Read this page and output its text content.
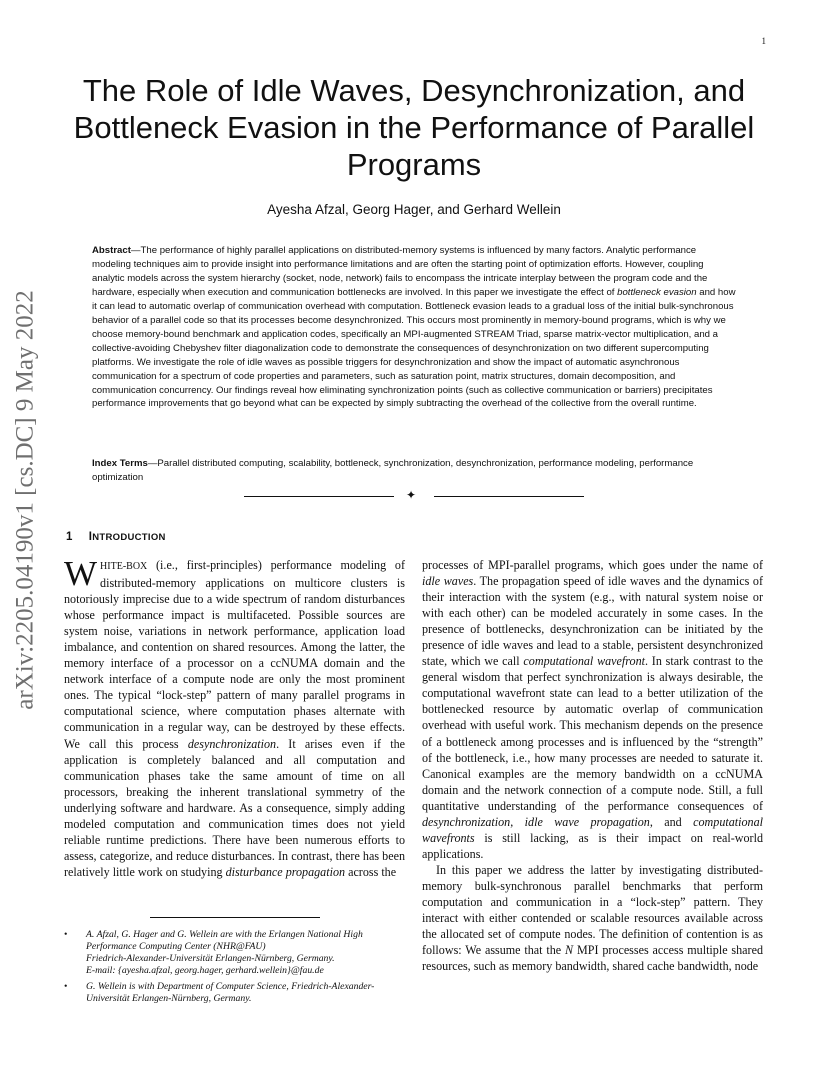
1
arXiv:2205.04190v1 [cs.DC] 9 May 2022
The Role of Idle Waves, Desynchronization, and Bottleneck Evasion in the Performance of Parallel Programs
Ayesha Afzal, Georg Hager, and Gerhard Wellein
Abstract—The performance of highly parallel applications on distributed-memory systems is influenced by many factors. Analytic performance modeling techniques aim to provide insight into performance limitations and are often the starting point of optimization efforts. However, coupling analytic models across the system hierarchy (socket, node, network) fails to encompass the intricate interplay between the program code and the hardware, especially when execution and communication bottlenecks are involved. In this paper we investigate the effect of bottleneck evasion and how it can lead to automatic overlap of communication overhead with computation. Bottleneck evasion leads to a gradual loss of the initial bulk-synchronous behavior of a parallel code so that its processes become desynchronized. This occurs most prominently in memory-bound programs, which is why we choose memory-bound benchmark and application codes, specifically an MPI-augmented STREAM Triad, sparse matrix-vector multiplication, and a collective-avoiding Chebyshev filter diagonalization code to demonstrate the consequences of desynchronization on two different supercomputing platforms. We investigate the role of idle waves as possible triggers for desynchronization and show the impact of automatic asynchronous communication for a spectrum of code properties and parameters, such as saturation point, matrix structures, domain decomposition, and communication concurrency. Our findings reveal how eliminating synchronization points (such as collective communication or barriers) precipitates performance improvements that go beyond what can be expected by simply subtracting the overhead of the collective from the overall runtime.
Index Terms—Parallel distributed computing, scalability, bottleneck, synchronization, desynchronization, performance modeling, performance optimization
✦
1 INTRODUCTION

WHITE-BOX (i.e., first-principles) performance modeling of distributed-memory applications on multicore clusters is notoriously imprecise due to a wide spectrum of random disturbances whose performance impact is multifaceted. Possible sources are system noise, variations in network performance, application load imbalance, and contention on shared resources. Among the latter, the memory interface of a processor on a ccNUMA domain and the network interface of a compute node are only the most prominent ones. The typical “lock-step” pattern of many parallel programs in computational science, where computation phases alternate with communication in a regular way, can be destroyed by these effects. We call this process desynchronization. It arises even if the application is completely balanced and all computation and communication phases take the same amount of time on all processors, breaking the inherent translational symmetry of the underlying software and hardware. As a consequence, simply adding modeled computation and communication times does not yield reliable runtime predictions. There have been numerous efforts to assess, categorize, and reduce disturbances. In contrast, there has been relatively little work on studying disturbance propagation across the

processes of MPI-parallel programs, which goes under the name of idle waves. The propagation speed of idle waves and the dynamics of their interaction with the system (e.g., with natural system noise or with each other) can be modeled accurately in some cases. In the presence of bottlenecks, desynchronization can be initiated by the presence of idle waves and lead to a stable, persistent desynchronized state, which we call computational wavefront. In stark contrast to the general wisdom that perfect synchronization is always desirable, the computational wavefront state can lead to a better utilization of the bottlenecked resource by automatic overlap of communication overhead with useful work. This mechanism depends on the presence of a bottleneck among processes and is influenced by the “strength” of the bottleneck, i.e., how many processes are needed to saturate it. Canonical examples are the memory bandwidth on a ccNUMA domain and the network connection of a compute node. Still, a full quantitative understanding of the performance consequences of desynchronization, idle wave propagation, and computational wavefronts is still lacking, as is their impact on real-world applications.

In this paper we address the latter by investigating distributed-memory bulk-synchronous parallel benchmarks that perform computation and communication in a “lock-step” pattern. They interact with either contended or scalable resources available across the allocated set of compute nodes. The definition of contention is as follows: We assume that the N MPI processes access multiple shared resources, such as memory bandwidth, shared cache bandwidth, node

• A. Afzal, G. Hager and G. Wellein are with the Erlangen National High Performance Computing Center (NHR@FAU)
Friedrich-Alexander-Universität Erlangen-Nürnberg, Germany.
E-mail: {ayesha.afzal, georg.hager, gerhard.wellein}@fau.de
• G. Wellein is with Department of Computer Science, Friedrich-Alexander-Universität Erlangen-Nürnberg, Germany.
